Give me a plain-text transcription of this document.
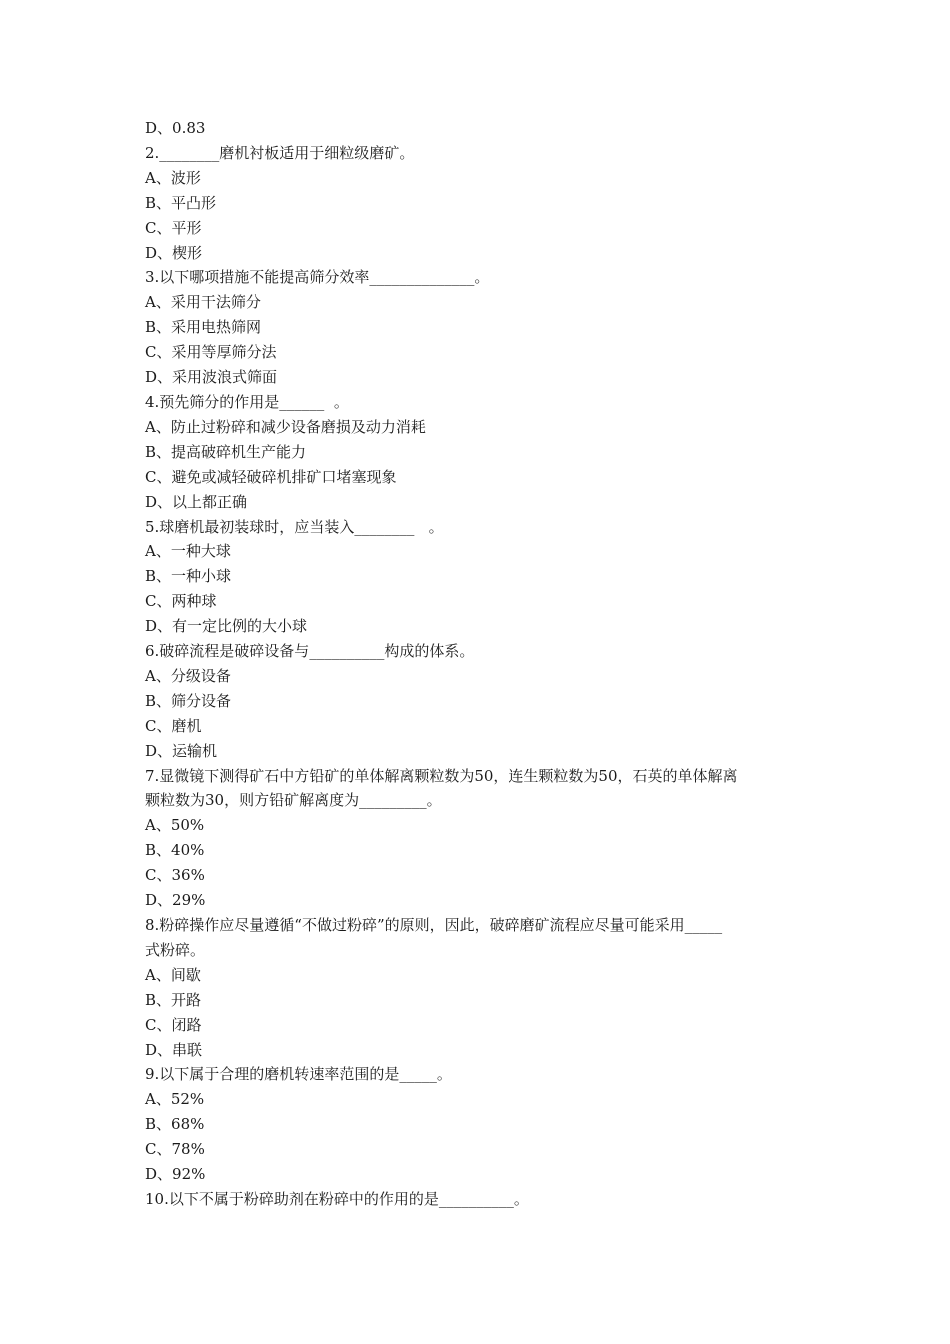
D、0.83

2.________磨机衬板适用于细粒级磨矿。

A、波形

B、平凸形

C、平形

D、楔形

3.以下哪项措施不能提高筛分效率______________。

A、采用干法筛分

B、采用电热筛网

C、采用等厚筛分法

D、采用波浪式筛面

4.预先筛分的作用是______  。

A、防止过粉碎和减少设备磨损及动力消耗

B、提高破碎机生产能力

C、避免或减轻破碎机排矿口堵塞现象

D、以上都正确

5.球磨机最初装球时，应当装入________   。

A、一种大球

B、一种小球

C、两种球

D、有一定比例的大小球

6.破碎流程是破碎设备与__________构成的体系。

A、分级设备

B、筛分设备

C、磨机

D、运输机

7.显微镜下测得矿石中方铅矿的单体解离颗粒数为50，连生颗粒数为50，石英的单体解离

颗粒数为30，则方铅矿解离度为_________。

A、50%

B、40%

C、36%

D、29%

8.粉碎操作应尽量遵循“不做过粉碎”的原则，因此，破碎磨矿流程应尽量可能采用_____

式粉碎。

A、间歇

B、开路

C、闭路

D、串联

9.以下属于合理的磨机转速率范围的是_____。

A、52%

B、68%

C、78%

D、92%

10.以下不属于粉碎助剂在粉碎中的作用的是__________。
